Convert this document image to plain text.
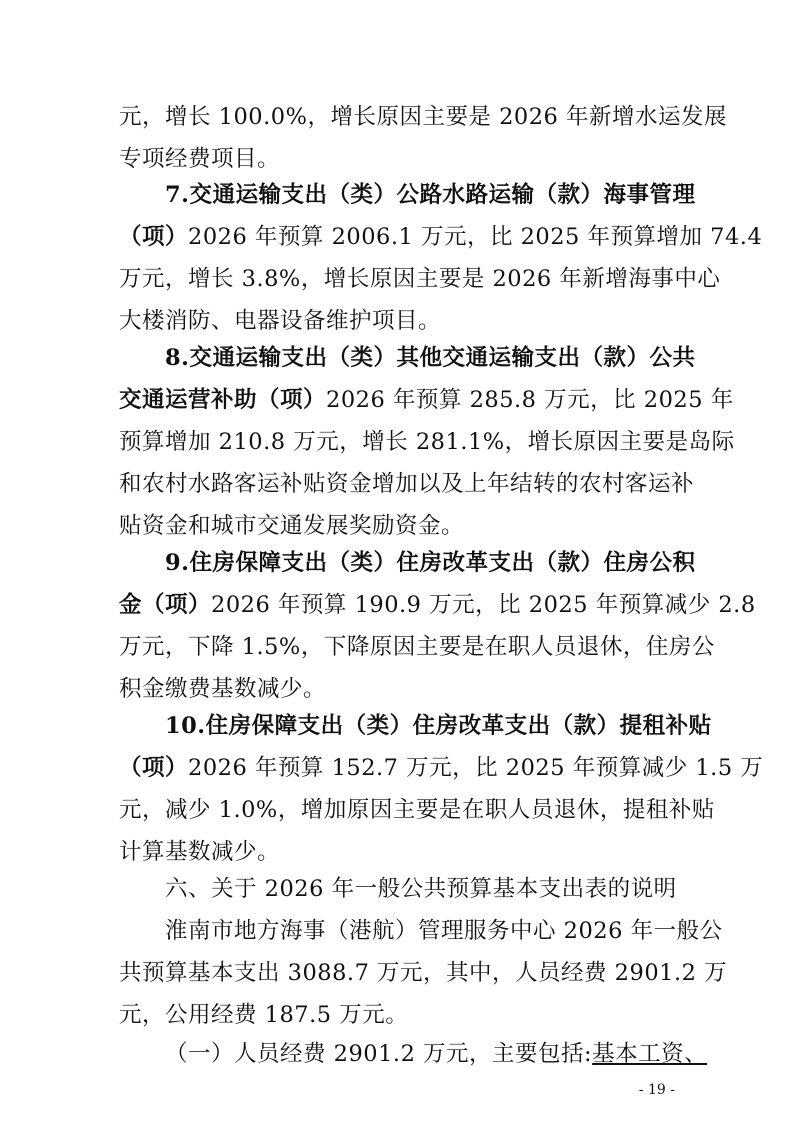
元，增长 100.0%，增长原因主要是 2026 年新增水运发展
专项经费项目。
7.交通运输支出（类）公路水路运输（款）海事管理
（项）2026 年预算 2006.1 万元，比 2025 年预算增加 74.4
万元，增长 3.8%，增长原因主要是 2026 年新增海事中心
大楼消防、电器设备维护项目。
8.交通运输支出（类）其他交通运输支出（款）公共
交通运营补助（项）2026 年预算 285.8 万元，比 2025 年
预算增加 210.8 万元，增长 281.1%，增长原因主要是岛际
和农村水路客运补贴资金增加以及上年结转的农村客运补
贴资金和城市交通发展奖励资金。
9.住房保障支出（类）住房改革支出（款）住房公积
金（项）2026 年预算 190.9 万元，比 2025 年预算减少 2.8
万元，下降 1.5%，下降原因主要是在职人员退休，住房公
积金缴费基数减少。
10.住房保障支出（类）住房改革支出（款）提租补贴
（项）2026 年预算 152.7 万元，比 2025 年预算减少 1.5 万
元，减少 1.0%，增加原因主要是在职人员退休，提租补贴
计算基数减少。
六、关于 2026 年一般公共预算基本支出表的说明
淮南市地方海事（港航）管理服务中心 2026 年一般公
共预算基本支出 3088.7 万元，其中，人员经费 2901.2 万
元，公用经费 187.5 万元。
（一）人员经费 2901.2 万元，主要包括:基本工资、
- 19 -
